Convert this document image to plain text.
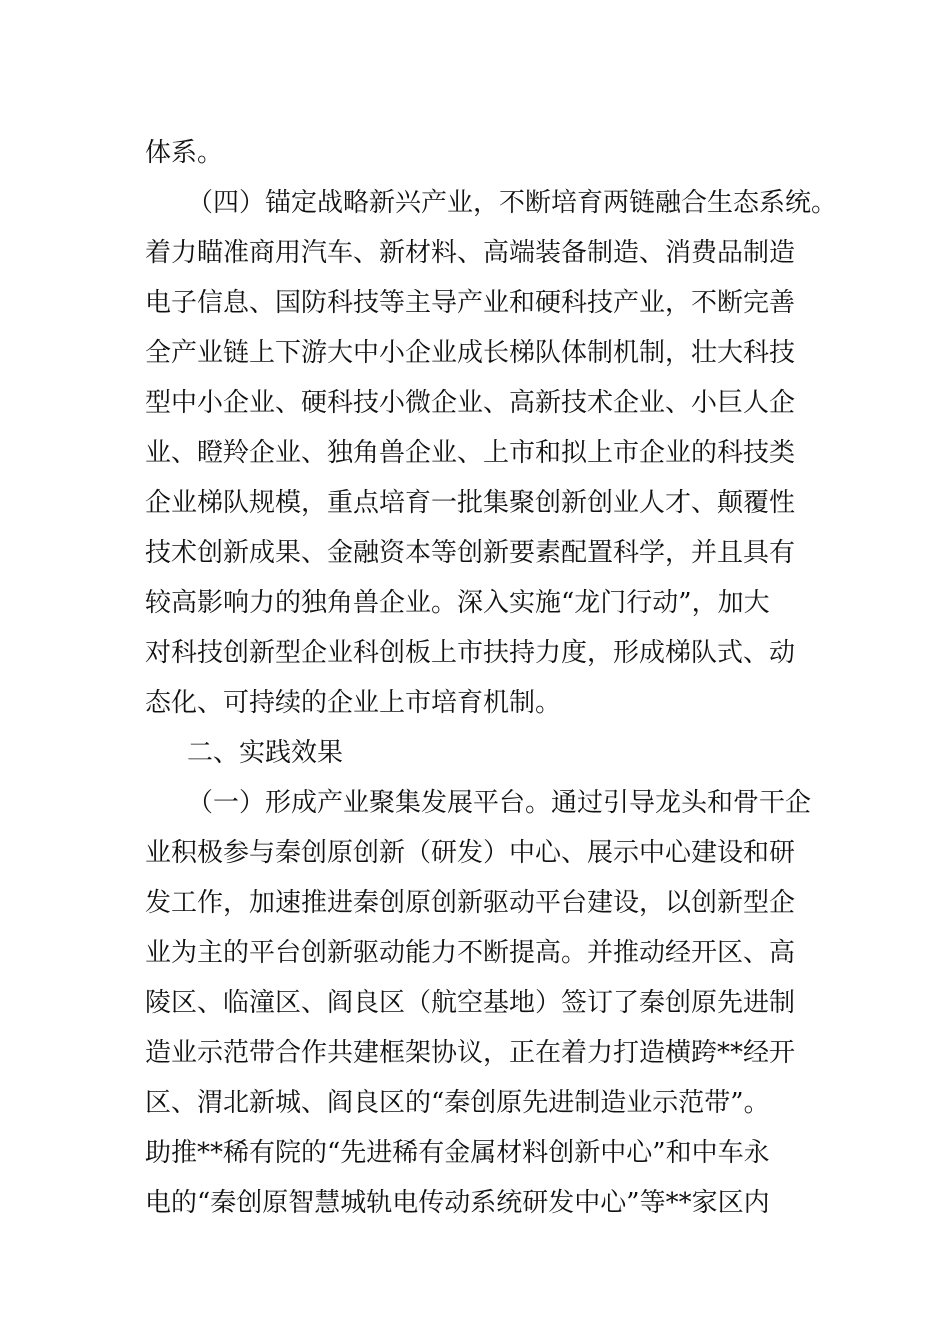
体系。
（四）锚定战略新兴产业，不断培育两链融合生态系统。
着力瞄准商用汽车、新材料、高端装备制造、消费品制造
电子信息、国防科技等主导产业和硬科技产业，不断完善
全产业链上下游大中小企业成长梯队体制机制，壮大科技
型中小企业、硬科技小微企业、高新技术企业、小巨人企
业、瞪羚企业、独角兽企业、上市和拟上市企业的科技类
企业梯队规模，重点培育一批集聚创新创业人才、颠覆性
技术创新成果、金融资本等创新要素配置科学，并且具有
较高影响力的独角兽企业。深入实施“龙门行动”，加大
对科技创新型企业科创板上市扶持力度，形成梯队式、动
态化、可持续的企业上市培育机制。
二、实践效果
（一）形成产业聚集发展平台。通过引导龙头和骨干企
业积极参与秦创原创新（研发）中心、展示中心建设和研
发工作，加速推进秦创原创新驱动平台建设，以创新型企
业为主的平台创新驱动能力不断提高。并推动经开区、高
陵区、临潼区、阎良区（航空基地）签订了秦创原先进制
造业示范带合作共建框架协议，正在着力打造横跨**经开
区、渭北新城、阎良区的“秦创原先进制造业示范带”。
助推**稀有院的“先进稀有金属材料创新中心”和中车永
电的“秦创原智慧城轨电传动系统研发中心”等**家区内
